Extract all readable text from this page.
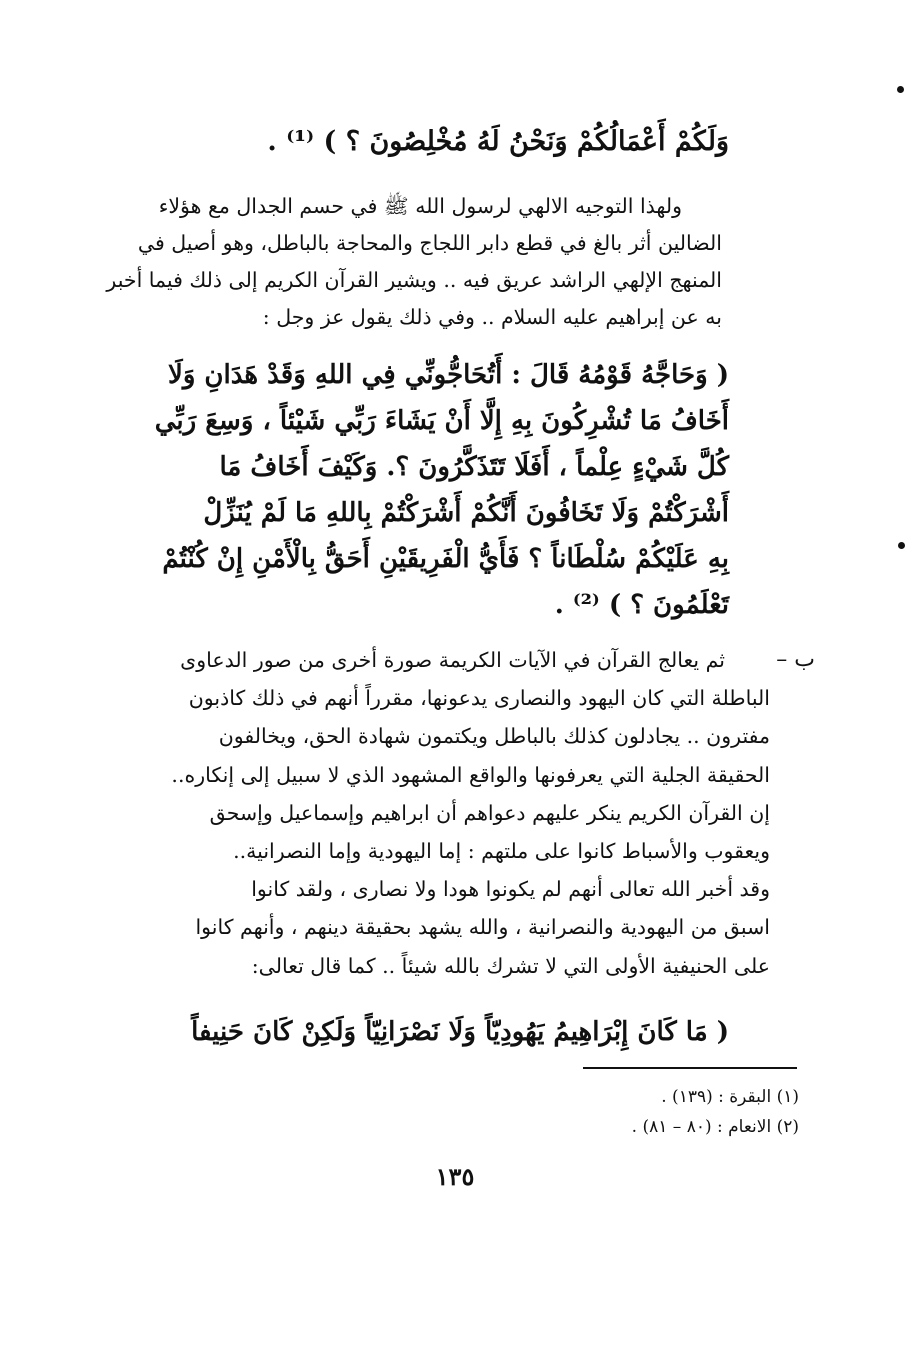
وَلَكُمْ أَعْمَالُكُمْ وَنَحْنُ لَهُ مُخْلِصُونَ ؟ ) ⁽¹⁾ .
ولهذا التوجيه الالهي لرسول الله ﷺ في حسم الجدال مع هؤلاء
الضالين أثر بالغ في قطع دابر اللجاج والمحاجة بالباطل، وهو أصيل في
المنهج الإلهي الراشد عريق فيه .. ويشير القرآن الكريم إلى ذلك فيما أخبر
به عن إبراهيم عليه السلام .. وفي ذلك يقول عز وجل :
( وَحَاجَّهُ قَوْمُهُ قَالَ : أَتُحَاجُّونِّي فِي اللهِ وَقَدْ هَدَانِ وَلَا
أَخَافُ مَا تُشْرِكُونَ بِهِ إِلَّا أَنْ يَشَاءَ رَبِّي شَيْئاً ، وَسِعَ رَبِّي
كُلَّ شَيْءٍ عِلْماً ، أَفَلَا تَتَذَكَّرُونَ ؟. وَكَيْفَ أَخَافُ مَا
أَشْرَكْتُمْ وَلَا تَخَافُونَ أَنَّكُمْ أَشْرَكْتُمْ بِاللهِ مَا لَمْ يُنَزِّلْ
بِهِ عَلَيْكُمْ سُلْطَاناً ؟ فَأَيُّ الْفَرِيقَيْنِ أَحَقُّ بِالْأَمْنِ إِنْ كُنْتُمْ
تَعْلَمُونَ ؟ ) ⁽²⁾ .
ب –
ثم يعالج القرآن في الآيات الكريمة صورة أخرى من صور الدعاوى
الباطلة التي كان اليهود والنصارى يدعونها، مقرراً أنهم في ذلك كاذبون
مفترون .. يجادلون كذلك بالباطل ويكتمون شهادة الحق، ويخالفون
الحقيقة الجلية التي يعرفونها والواقع المشهود الذي لا سبيل إلى إنكاره..
إن القرآن الكريم ينكر عليهم دعواهم أن ابراهيم وإسماعيل وإسحق
ويعقوب والأسباط كانوا على ملتهم : إما اليهودية وإما النصرانية..
وقد أخبر الله تعالى أنهم لم يكونوا هودا ولا نصارى ، ولقد كانوا
اسبق من اليهودية والنصرانية ، والله يشهد بحقيقة دينهم ، وأنهم كانوا
على الحنيفية الأولى التي لا تشرك بالله شيئاً .. كما قال تعالى:
( مَا كَانَ إِبْرَاهِيمُ يَهُودِيّاً وَلَا نَصْرَانِيّاً وَلَكِنْ كَانَ حَنِيفاً
(١) البقرة : (١٣٩) .
(٢) الانعام : (٨٠ – ٨١) .
١٣٥
